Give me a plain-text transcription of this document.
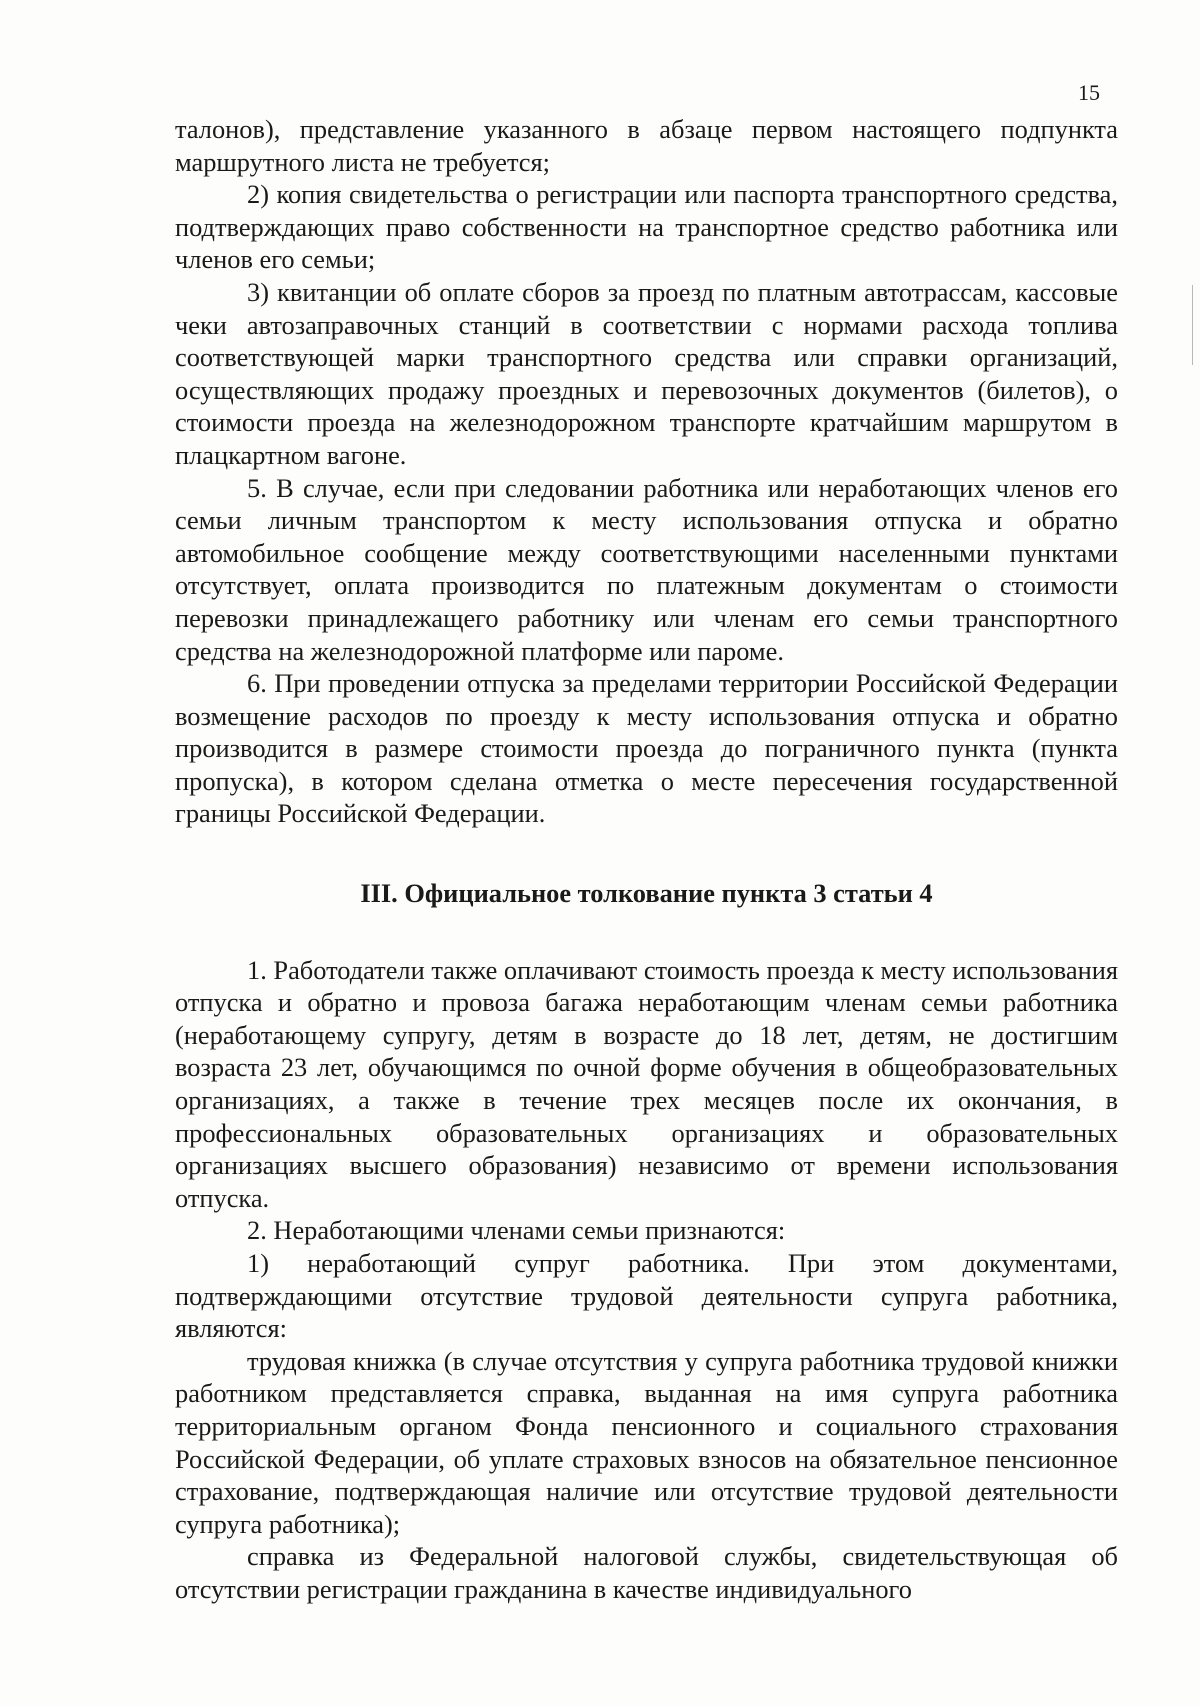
15

талонов), представление указанного в абзаце первом настоящего подпункта маршрутного листа не требуется;

2) копия свидетельства о регистрации или паспорта транспортного средства, подтверждающих право собственности на транспортное средство работника или членов его семьи;

3) квитанции об оплате сборов за проезд по платным автотрассам, кассовые чеки автозаправочных станций в соответствии с нормами расхода топлива соответствующей марки транспортного средства или справки организаций, осуществляющих продажу проездных и перевозочных документов (билетов), о стоимости проезда на железнодорожном транспорте кратчайшим маршрутом в плацкартном вагоне.

5. В случае, если при следовании работника или неработающих членов его семьи личным транспортом к месту использования отпуска и обратно автомобильное сообщение между соответствующими населенными пунктами отсутствует, оплата производится по платежным документам о стоимости перевозки принадлежащего работнику или членам его семьи транспортного средства на железнодорожной платформе или пароме.

6. При проведении отпуска за пределами территории Российской Федерации возмещение расходов по проезду к месту использования отпуска и обратно производится в размере стоимости проезда до пограничного пункта (пункта пропуска), в котором сделана отметка о месте пересечения государственной границы Российской Федерации.

III. Официальное толкование пункта 3 статьи 4

1. Работодатели также оплачивают стоимость проезда к месту использования отпуска и обратно и провоза багажа неработающим членам семьи работника (неработающему супругу, детям в возрасте до 18 лет, детям, не достигшим возраста 23 лет, обучающимся по очной форме обучения в общеобразовательных организациях, а также в течение трех месяцев после их окончания, в профессиональных образовательных организациях и образовательных организациях высшего образования) независимо от времени использования отпуска.

2. Неработающими членами семьи признаются:

1) неработающий супруг работника. При этом документами, подтверждающими отсутствие трудовой деятельности супруга работника, являются:

трудовая книжка (в случае отсутствия у супруга работника трудовой книжки работником представляется справка, выданная на имя супруга работника территориальным органом Фонда пенсионного и социального страхования Российской Федерации, об уплате страховых взносов на обязательное пенсионное страхование, подтверждающая наличие или отсутствие трудовой деятельности супруга работника);

справка из Федеральной налоговой службы, свидетельствующая об отсутствии регистрации гражданина в качестве индивидуального
